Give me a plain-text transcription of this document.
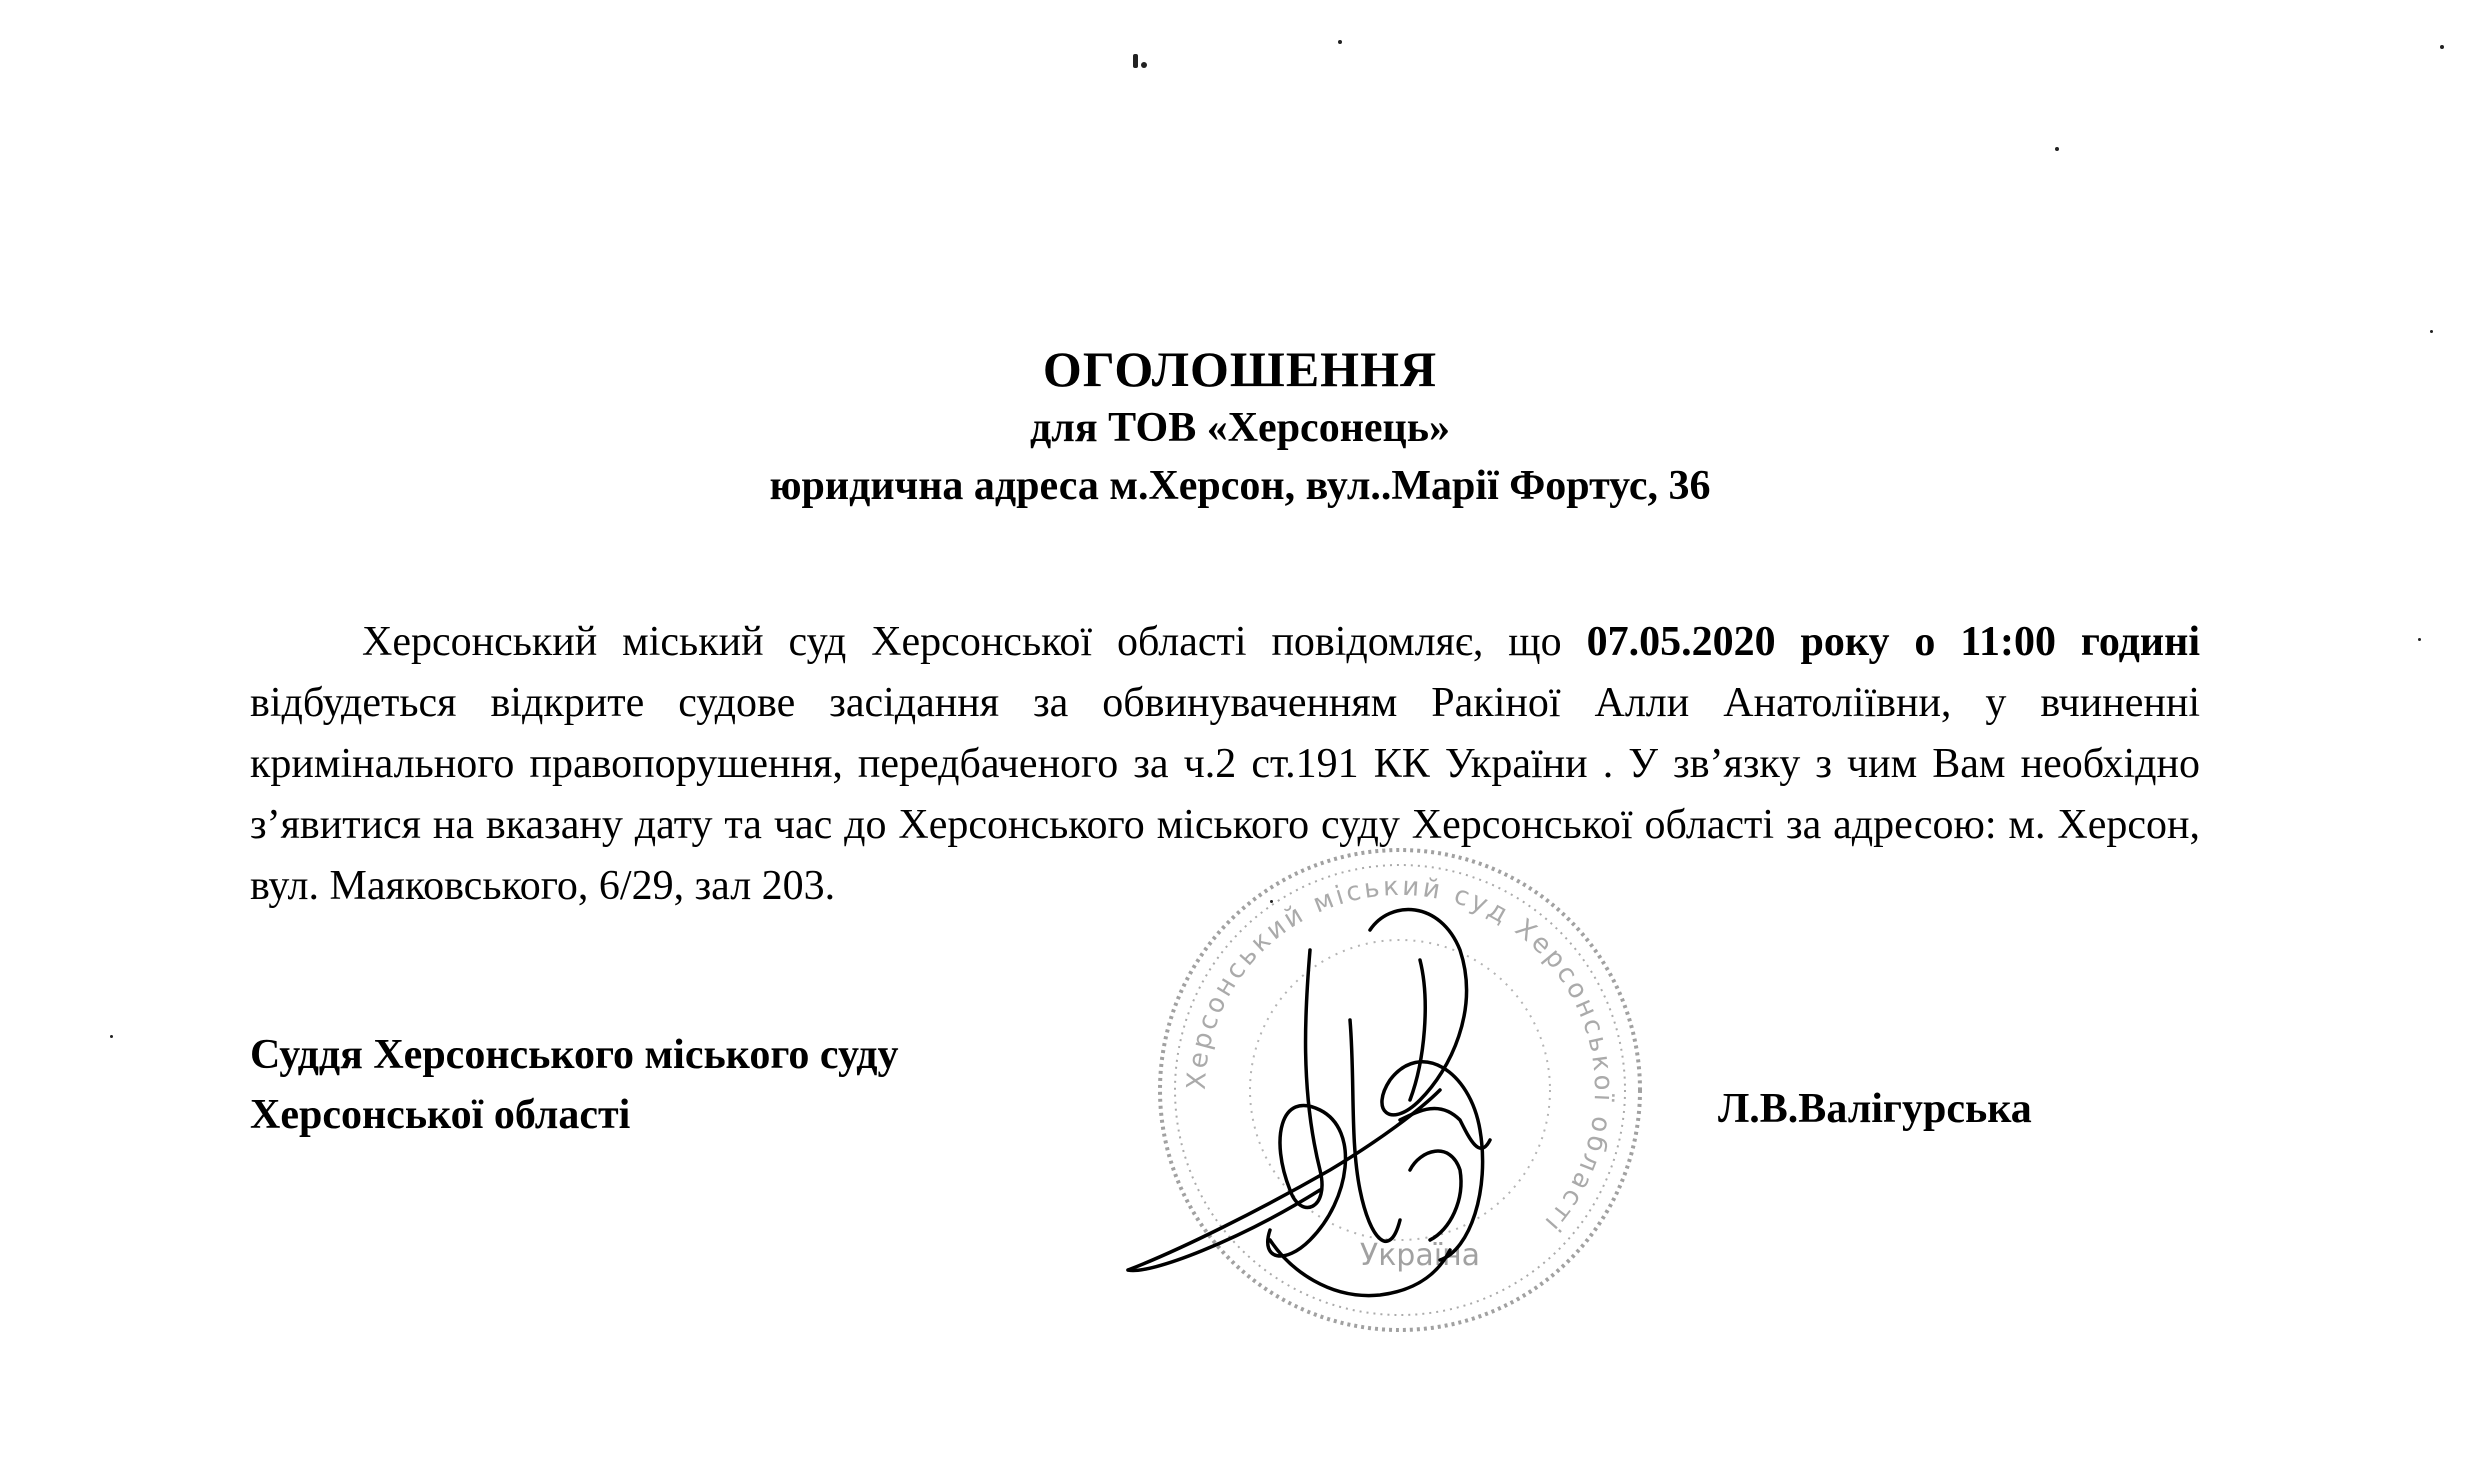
ОГОЛОШЕННЯ
для ТОВ «Херсонець»
юридична адреса м.Херсон, вул..Марії Фортус, 36

Херсонський міський суд Херсонської області повідомляє, що 07.05.2020 року о 11:00 годині відбудеться відкрите судове засідання за обвинуваченням Ракіної Алли Анатоліївни, у вчиненні кримінального правопорушення, передбаченого за ч.2 ст.191 КК України . У зв’язку з чим Вам необхідно з’явитися на вказану дату та час до Херсонського міського суду Херсонської області за адресою: м. Херсон, вул. Маяковського, 6/29, зал 203.

Херсонський міський суд Херсонської області
Україна
Суддя Херсонського міського суду
Херсонської області	Л.В.Валігурська
